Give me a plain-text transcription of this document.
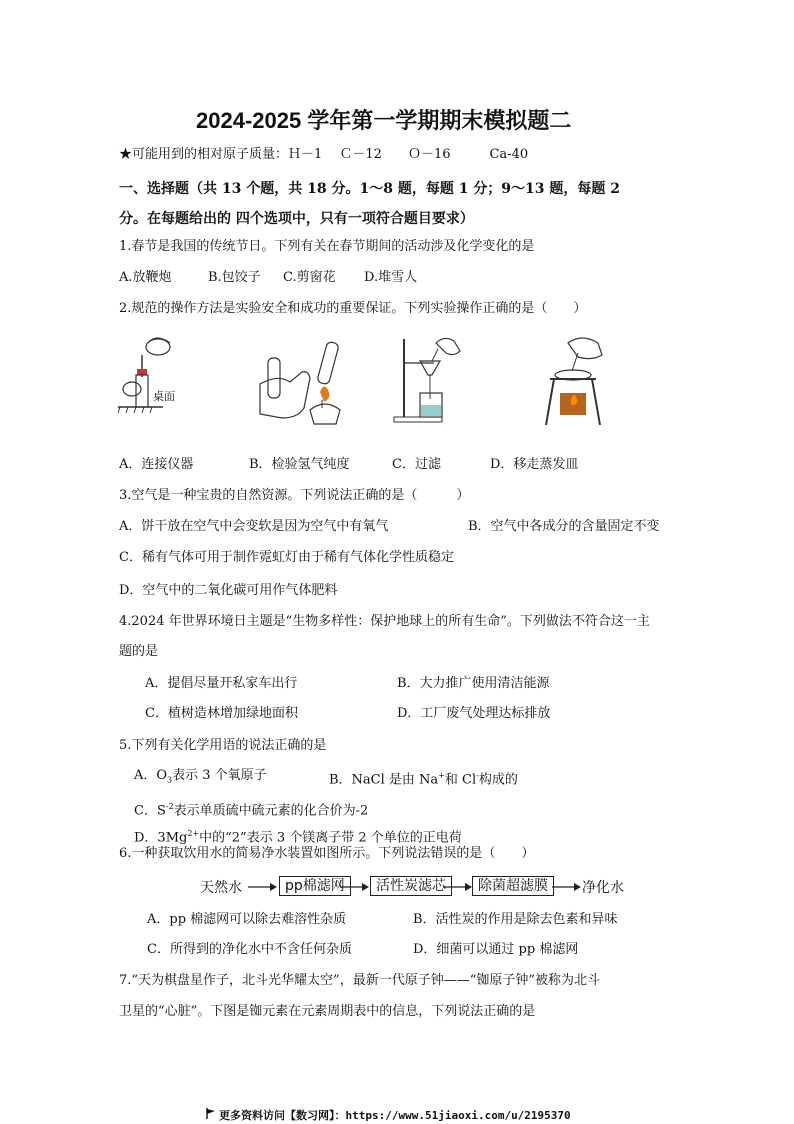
2024-2025 学年第一学期期末模拟题二
★可能用到的相对原子质量：Ｈ－1　 Ｃ－12　　Ｏ－16　　　Ca-40
一、选择题（共 13 个题，共 18 分。1～8 题，每题 1 分；9～13 题，每题 2
分。在每题给出的 四个选项中，只有一项符合题目要求）
1.春节是我国的传统节日。下列有关在春节期间的活动涉及化学变化的是
A.放鞭炮	B.包饺子 C.剪窗花 D.堆雪人
2.规范的操作方法是实验安全和成功的重要保证。下列实验操作正确的是（　　）
桌面
A．连接仪器	B．检验氢气纯度	C．过滤	D．移走蒸发皿
3.空气是一种宝贵的自然资源。下列说法正确的是（　　　）
A．饼干放在空气中会变软是因为空气中有氧气	B．空气中各成分的含量固定不变
C．稀有气体可用于制作霓虹灯由于稀有气体化学性质稳定
D．空气中的二氧化碳可用作气体肥料
4.2024 年世界环境日主题是“生物多样性：保护地球上的所有生命”。下列做法不符合这一主
题的是
A．提倡尽量开私家车出行	B．大力推广使用清洁能源
C．植树造林增加绿地面积	D．工厂废气处理达标排放
5.下列有关化学用语的说法正确的是
A．$O_3$表示 3 个氧原子	B．NaCl 是由 Na+和 Cl-构成的
C．$S^{-2}$表示单质硫中硫元素的化合价为-2
D．$3Mg^{2+}$中的“2”表示 3 个镁离子带 2 个单位的正电荷
6.一种获取饮用水的简易净水装置如图所示。下列说法错误的是（　　）
天然水	pp棉滤网	活性炭滤芯	除菌超滤膜	净化水
A．pp 棉滤网可以除去难溶性杂质	B．活性炭的作用是除去色素和异味
C．所得到的净化水中不含任何杂质	D．细菌可以通过 pp 棉滤网
7.“天为棋盘星作子，北斗光华耀太空”，最新一代原子钟——“铷原子钟”被称为北斗
卫星的“心脏”。下图是铷元素在元素周期表中的信息，下列说法正确的是
更多资料访问【数习网】：https://www.51jiaoxi.com/u/2195370
